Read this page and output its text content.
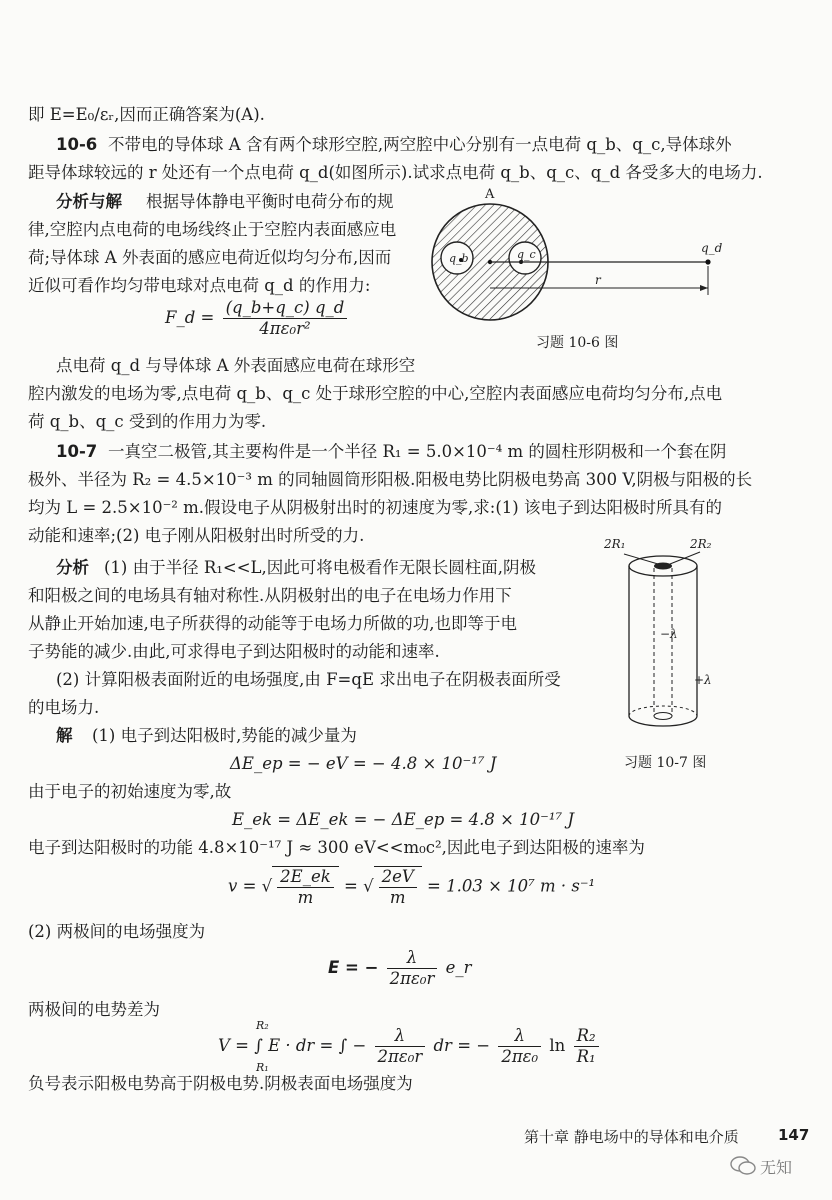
即 E=E₀/εᵣ,因而正确答案为(A).
10-6 不带电的导体球 A 含有两个球形空腔,两空腔中心分别有一点电荷 q_b、q_c,导体球外
距导体球较远的 r 处还有一个点电荷 q_d(如图所示).试求点电荷 q_b、q_c、q_d 各受多大的电场力.
分析与解 根据导体静电平衡时电荷分布的规
律,空腔内点电荷的电场线终止于空腔内表面感应电
荷;导体球 A 外表面的感应电荷近似均匀分布,因而
近似可看作均匀带电球对点电荷 q_d 的作用力:
F_d = $\frac{(q\_b+q\_c) q\_d}{\text{4πε₀r²}}$
点电荷 q_d 与导体球 A 外表面感应电荷在球形空
腔内激发的电场为零,点电荷 q_b、q_c 处于球形空腔的中心,空腔内表面感应电荷均匀分布,点电
荷 q_b、q_c 受到的作用力为零.
10-7 一真空二极管,其主要构件是一个半径 R₁ = 5.0×10⁻⁴ m 的圆柱形阴极和一个套在阴
极外、半径为 R₂ = 4.5×10⁻³ m 的同轴圆筒形阳极.阳极电势比阴极电势高 300 V,阴极与阳极的长
均为 L = 2.5×10⁻² m.假设电子从阴极射出时的初速度为零,求:(1) 该电子到达阳极时所具有的
动能和速率;(2) 电子刚从阳极射出时所受的力.
分析 (1) 由于半径 R₁<<L,因此可将电极看作无限长圆柱面,阴极
和阳极之间的电场具有轴对称性.从阴极射出的电子在电场力作用下
从静止开始加速,电子所获得的动能等于电场力所做的功,也即等于电
子势能的减少.由此,可求得电子到达阳极时的动能和速率.
(2) 计算阳极表面附近的电场强度,由 F=qE 求出电子在阴极表面所受
的电场力.
解 (1) 电子到达阳极时,势能的减少量为
ΔE_ep = − eV = − 4.8 × 10⁻¹⁷ J
由于电子的初始速度为零,故
E_ek = ΔE_ek = − ΔE_ep = 4.8 × 10⁻¹⁷ J
电子到达阳极时的功能 4.8×10⁻¹⁷ J ≈ 300 eV<<m₀c²,因此电子到达阳极的速率为
v = √ $\frac{2E\_ek}{m}$ = √ $\frac{2eV}{m} = 1.03 \times 10^7$ m · s⁻¹
(2) 两极间的电场强度为
E = − $\frac{\lambda}{\text{2πε₀r}}$ e_r
两极间的电势差为
V = ∫ E · dr = ∫ − $\frac{\lambda}{\text{2πε₀r}}$ dr = − $\frac{\lambda}{\text{2πε₀}}$ $\ln \frac{\text{R₂}}{\text{R₁}}$
R₂
R₁
负号表示阳极电势高于阴极电势.阴极表面电场强度为
A
q_b	q_c	q_d
r
习题 10-6 图
2R₁	2R₂
−λ
+λ
习题 10-7 图
第十章 静电场中的导体和电介质	147
无知
